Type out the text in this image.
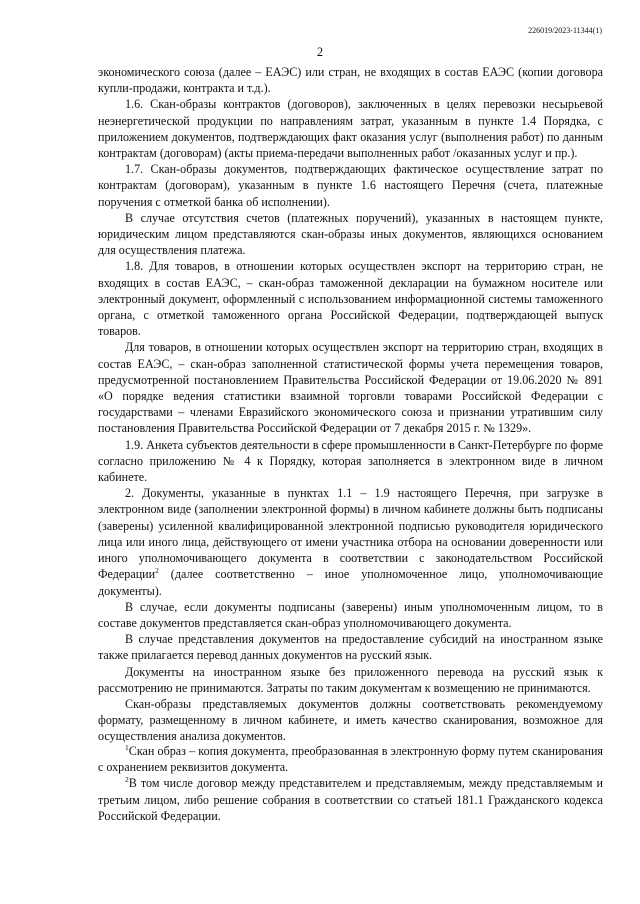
226019/2023-11344(1)
2

экономического союза (далее – ЕАЭС) или стран, не входящих в состав ЕАЭС (копии договора купли-продажи, контракта и т.д.).

1.6. Скан-образы контрактов (договоров), заключенных в целях перевозки несырьевой неэнергетической продукции по направлениям затрат, указанным в пункте 1.4 Порядка, с приложением документов, подтверждающих факт оказания услуг (выполнения работ) по данным контрактам (договорам) (акты приема-передачи выполненных работ /оказанных услуг и пр.).

1.7. Скан-образы документов, подтверждающих фактическое осуществление затрат по контрактам (договорам), указанным в пункте 1.6 настоящего Перечня (счета, платежные поручения с отметкой банка об исполнении).

В случае отсутствия счетов (платежных поручений), указанных в настоящем пункте, юридическим лицом представляются скан-образы иных документов, являющихся основанием для осуществления платежа.

1.8. Для товаров, в отношении которых осуществлен экспорт на территорию стран, не входящих в состав ЕАЭС, – скан-образ таможенной декларации на бумажном носителе или электронный документ, оформленный с использованием информационной системы таможенного органа, с отметкой таможенного органа Российской Федерации, подтверждающей выпуск товаров.

Для товаров, в отношении которых осуществлен экспорт на территорию стран, входящих в состав ЕАЭС, – скан-образ заполненной статистической формы учета перемещения товаров, предусмотренной постановлением Правительства Российской Федерации от 19.06.2020 № 891 «О порядке ведения статистики взаимной торговли товарами Российской Федерации с государствами – членами Евразийского экономического союза и признании утратившим силу постановления Правительства Российской Федерации от 7 декабря 2015 г. № 1329».

1.9. Анкета субъектов деятельности в сфере промышленности в Санкт-Петербурге по форме согласно приложению № 4 к Порядку, которая заполняется в электронном виде в личном кабинете.

2. Документы, указанные в пунктах 1.1 – 1.9 настоящего Перечня, при загрузке в электронном виде (заполнении электронной формы) в личном кабинете должны быть подписаны (заверены) усиленной квалифицированной электронной подписью руководителя юридического лица или иного лица, действующего от имени участника отбора на основании доверенности или иного уполномочивающего документа в соответствии с законодательством Российской Федерации$^2$ (далее соответственно – иное уполномоченное лицо, уполномочивающие документы).

В случае, если документы подписаны (заверены) иным уполномоченным лицом, то в составе документов представляется скан-образ уполномочивающего документа.

В случае представления документов на предоставление субсидий на иностранном языке также прилагается перевод данных документов на русский язык.

Документы на иностранном языке без приложенного перевода на русский язык к рассмотрению не принимаются. Затраты по таким документам к возмещению не принимаются.

Скан-образы представляемых документов должны соответствовать рекомендуемому формату, размещенному в личном кабинете, и иметь качество сканирования, возможное для осуществления анализа документов.

$^1$Скан образ – копия документа, преобразованная в электронную форму путем сканирования с охранением реквизитов документа.

$^2$В том числе договор между представителем и представляемым, между представляемым и третьим лицом, либо решение собрания в соответствии со статьей 181.1 Гражданского кодекса Российской Федерации.
